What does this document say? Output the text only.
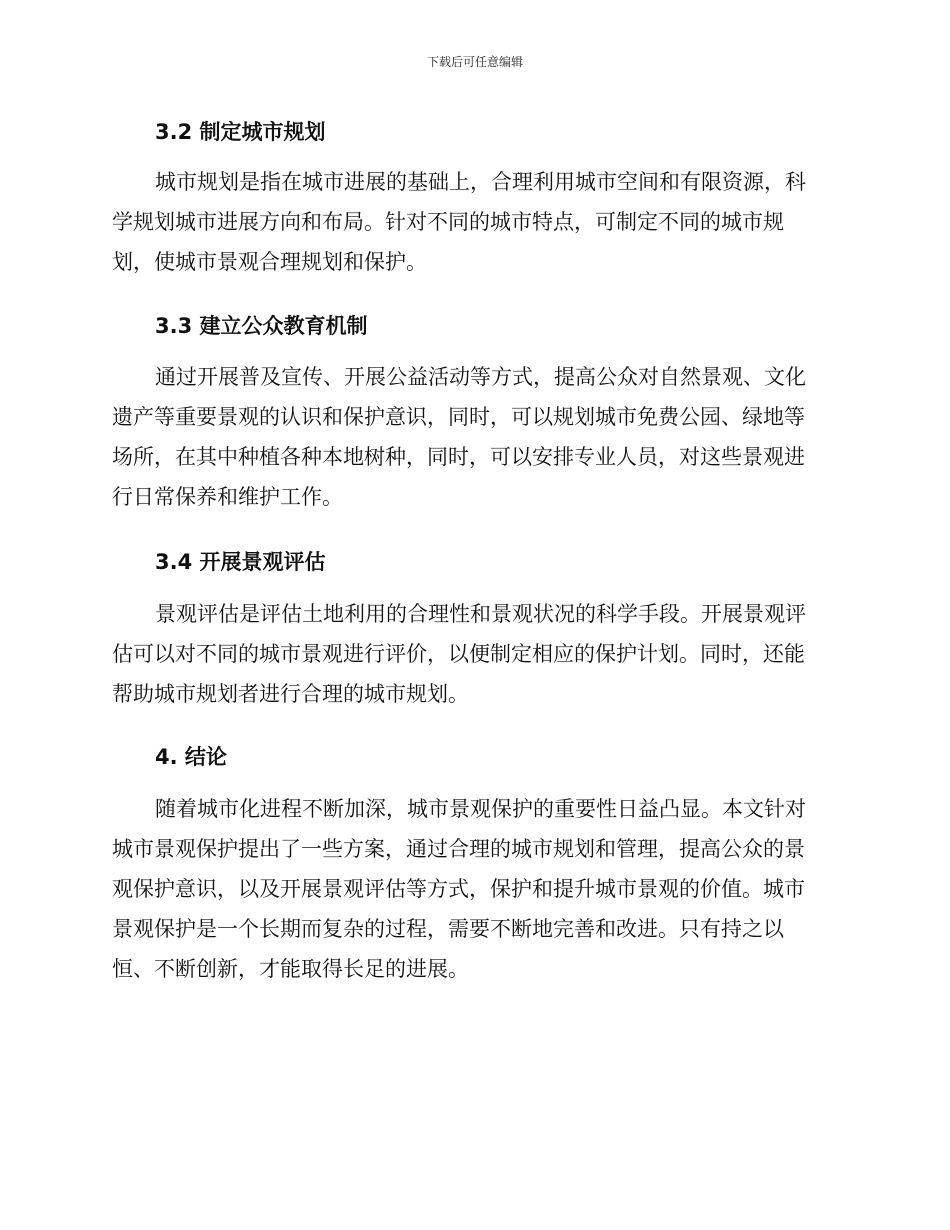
下载后可任意编辑
3.2 制定城市规划
城市规划是指在城市进展的基础上，合理利用城市空间和有限资源，科
学规划城市进展方向和布局。针对不同的城市特点，可制定不同的城市规
划，使城市景观合理规划和保护。
3.3 建立公众教育机制
通过开展普及宣传、开展公益活动等方式，提高公众对自然景观、文化
遗产等重要景观的认识和保护意识，同时，可以规划城市免费公园、绿地等
场所，在其中种植各种本地树种，同时，可以安排专业人员，对这些景观进
行日常保养和维护工作。
3.4 开展景观评估
景观评估是评估土地利用的合理性和景观状况的科学手段。开展景观评
估可以对不同的城市景观进行评价，以便制定相应的保护计划。同时，还能
帮助城市规划者进行合理的城市规划。
4. 结论
随着城市化进程不断加深，城市景观保护的重要性日益凸显。本文针对
城市景观保护提出了一些方案，通过合理的城市规划和管理，提高公众的景
观保护意识，以及开展景观评估等方式，保护和提升城市景观的价值。城市
景观保护是一个长期而复杂的过程，需要不断地完善和改进。只有持之以
恒、不断创新，才能取得长足的进展。
